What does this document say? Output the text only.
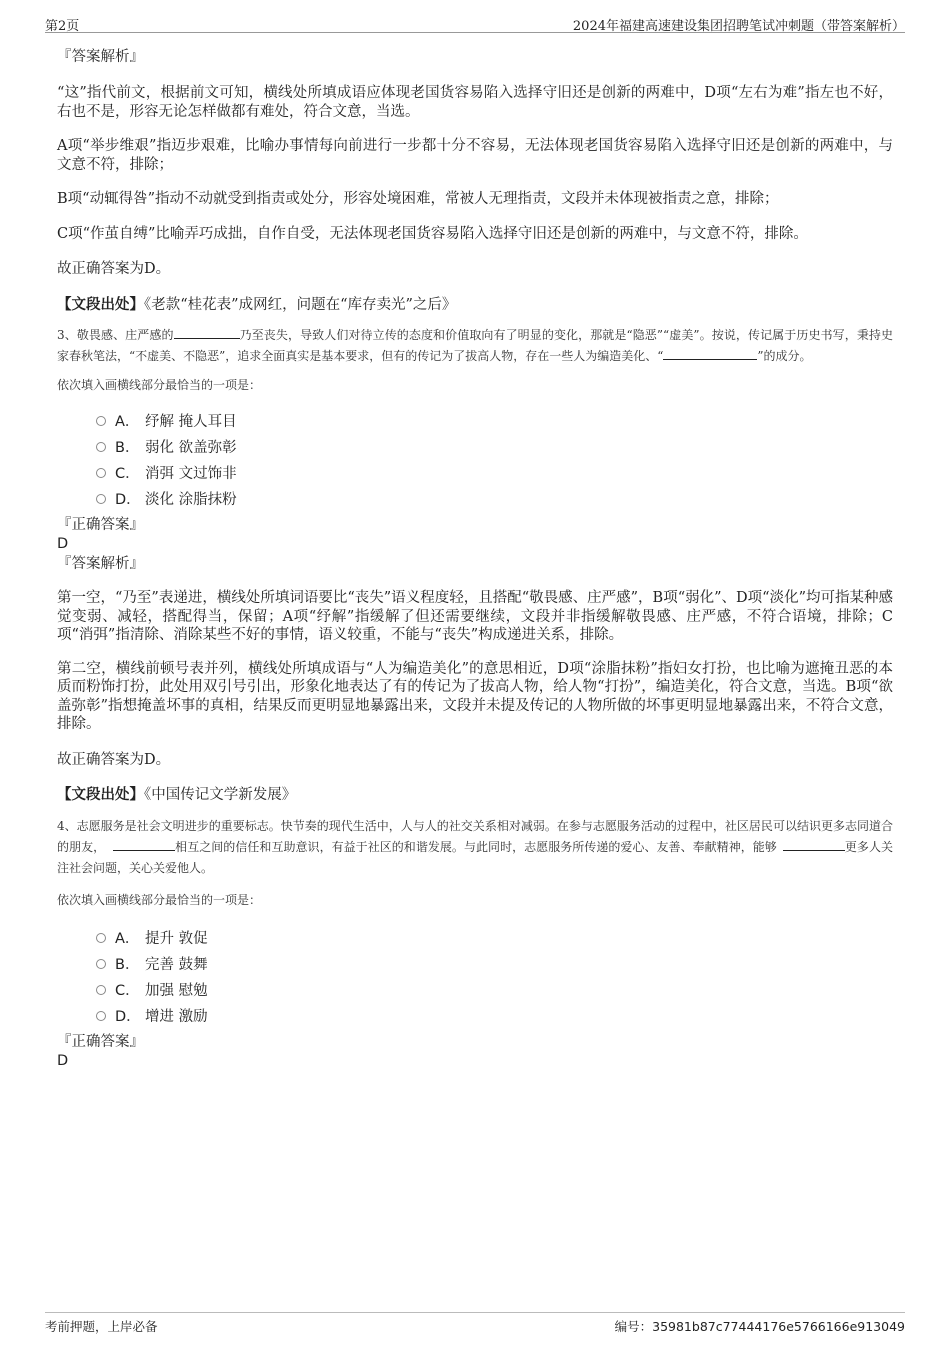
第2页	2024年福建高速建设集团招聘笔试冲刺题（带答案解析）
『答案解析』

“这”指代前文，根据前文可知，横线处所填成语应体现老国货容易陷入选择守旧还是创新的两难中，D项“左右为难”指左也不好，右也不是，形容无论怎样做都有难处，符合文意，当选。

A项“举步维艰”指迈步艰难，比喻办事情每向前进行一步都十分不容易，无法体现老国货容易陷入选择守旧还是创新的两难中，与文意不符，排除；

B项“动辄得咎”指动不动就受到指责或处分，形容处境困难，常被人无理指责，文段并未体现被指责之意，排除；

C项“作茧自缚”比喻弄巧成拙，自作自受，无法体现老国货容易陷入选择守旧还是创新的两难中，与文意不符，排除。

故正确答案为D。
【文段出处】《老款“桂花表”成网红，问题在“库存卖光”之后》

3、敬畏感、庄严感的	乃至丧失，导致人们对待立传的态度和价值取向有了明显的变化，那就是“隐恶”“虚美”。按说，传记属于历史书写，秉持史家春秋笔法，“不虚美、不隐恶”，追求全面真实是基本要求，但有的传记为了拔高人物，存在一些人为编造美化、“	”的成分。

依次填入画横线部分最恰当的一项是：
A． 纾解 掩人耳目
B． 弱化 欲盖弥彰
C． 消弭 文过饰非
D． 淡化 涂脂抹粉
『正确答案』
D
『答案解析』

第一空，“乃至”表递进，横线处所填词语要比“丧失”语义程度轻，且搭配“敬畏感、庄严感”，B项“弱化”、D项“淡化”均可指某种感觉变弱、减轻，搭配得当，保留；A项“纾解”指缓解了但还需要继续，文段并非指缓解敬畏感、庄严感，不符合语境，排除；C项“消弭”指清除、消除某些不好的事情，语义较重，不能与“丧失”构成递进关系，排除。

第二空，横线前顿号表并列，横线处所填成语与“人为编造美化”的意思相近，D项“涂脂抹粉”指妇女打扮，也比喻为遮掩丑恶的本质而粉饰打扮，此处用双引号引出，形象化地表达了有的传记为了拔高人物，给人物“打扮”，编造美化，符合文意，当选。B项“欲盖弥彰”指想掩盖坏事的真相，结果反而更明显地暴露出来，文段并未提及传记的人物所做的坏事更明显地暴露出来，不符合文意，排除。

故正确答案为D。
【文段出处】《中国传记文学新发展》

4、志愿服务是社会文明进步的重要标志。快节奏的现代生活中，人与人的社交关系相对减弱。在参与志愿服务活动的过程中，社区居民可以结识更多志同道合的朋友，	相互之间的信任和互助意识，有益于社区的和谐发展。与此同时，志愿服务所传递的爱心、友善、奉献精神，能够	更多人关注社会问题，关心关爱他人。

依次填入画横线部分最恰当的一项是：
A． 提升 敦促
B． 完善 鼓舞
C． 加强 慰勉
D． 增进 激励
『正确答案』
D
考前押题，上岸必备	编号：35981b87c77444176e5766166e913049
